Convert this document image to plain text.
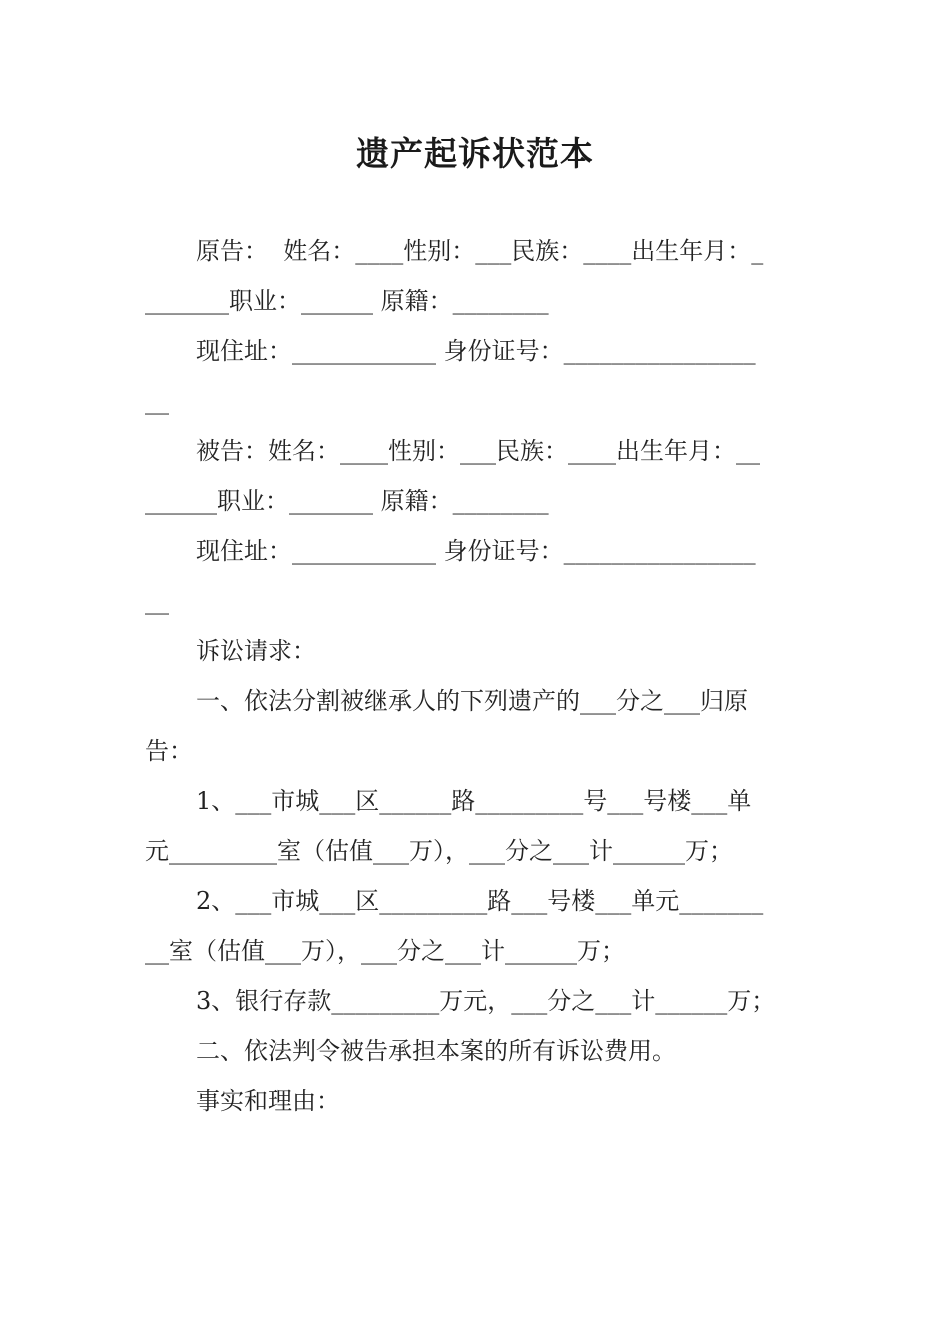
遗产起诉状范本
原告：  姓名：____性别：___民族：____出生年月：_
_______职业：______ 原籍：________
现住址：____________ 身份证号：________________
__
被告：姓名：____性别：___民族：____出生年月：__
______职业：_______ 原籍：________
现住址：____________ 身份证号：________________
__
诉讼请求：
一、依法分割被继承人的下列遗产的___分之___归原
告：
1、___市城___区______路_________号___号楼___单
元_________室（估值___万），___分之___计______万；
2、___市城___区_________路___号楼___单元_______
__室（估值___万），___分之___计______万；
3、银行存款_________万元，___分之___计______万；
二、依法判令被告承担本案的所有诉讼费用。
事实和理由：
